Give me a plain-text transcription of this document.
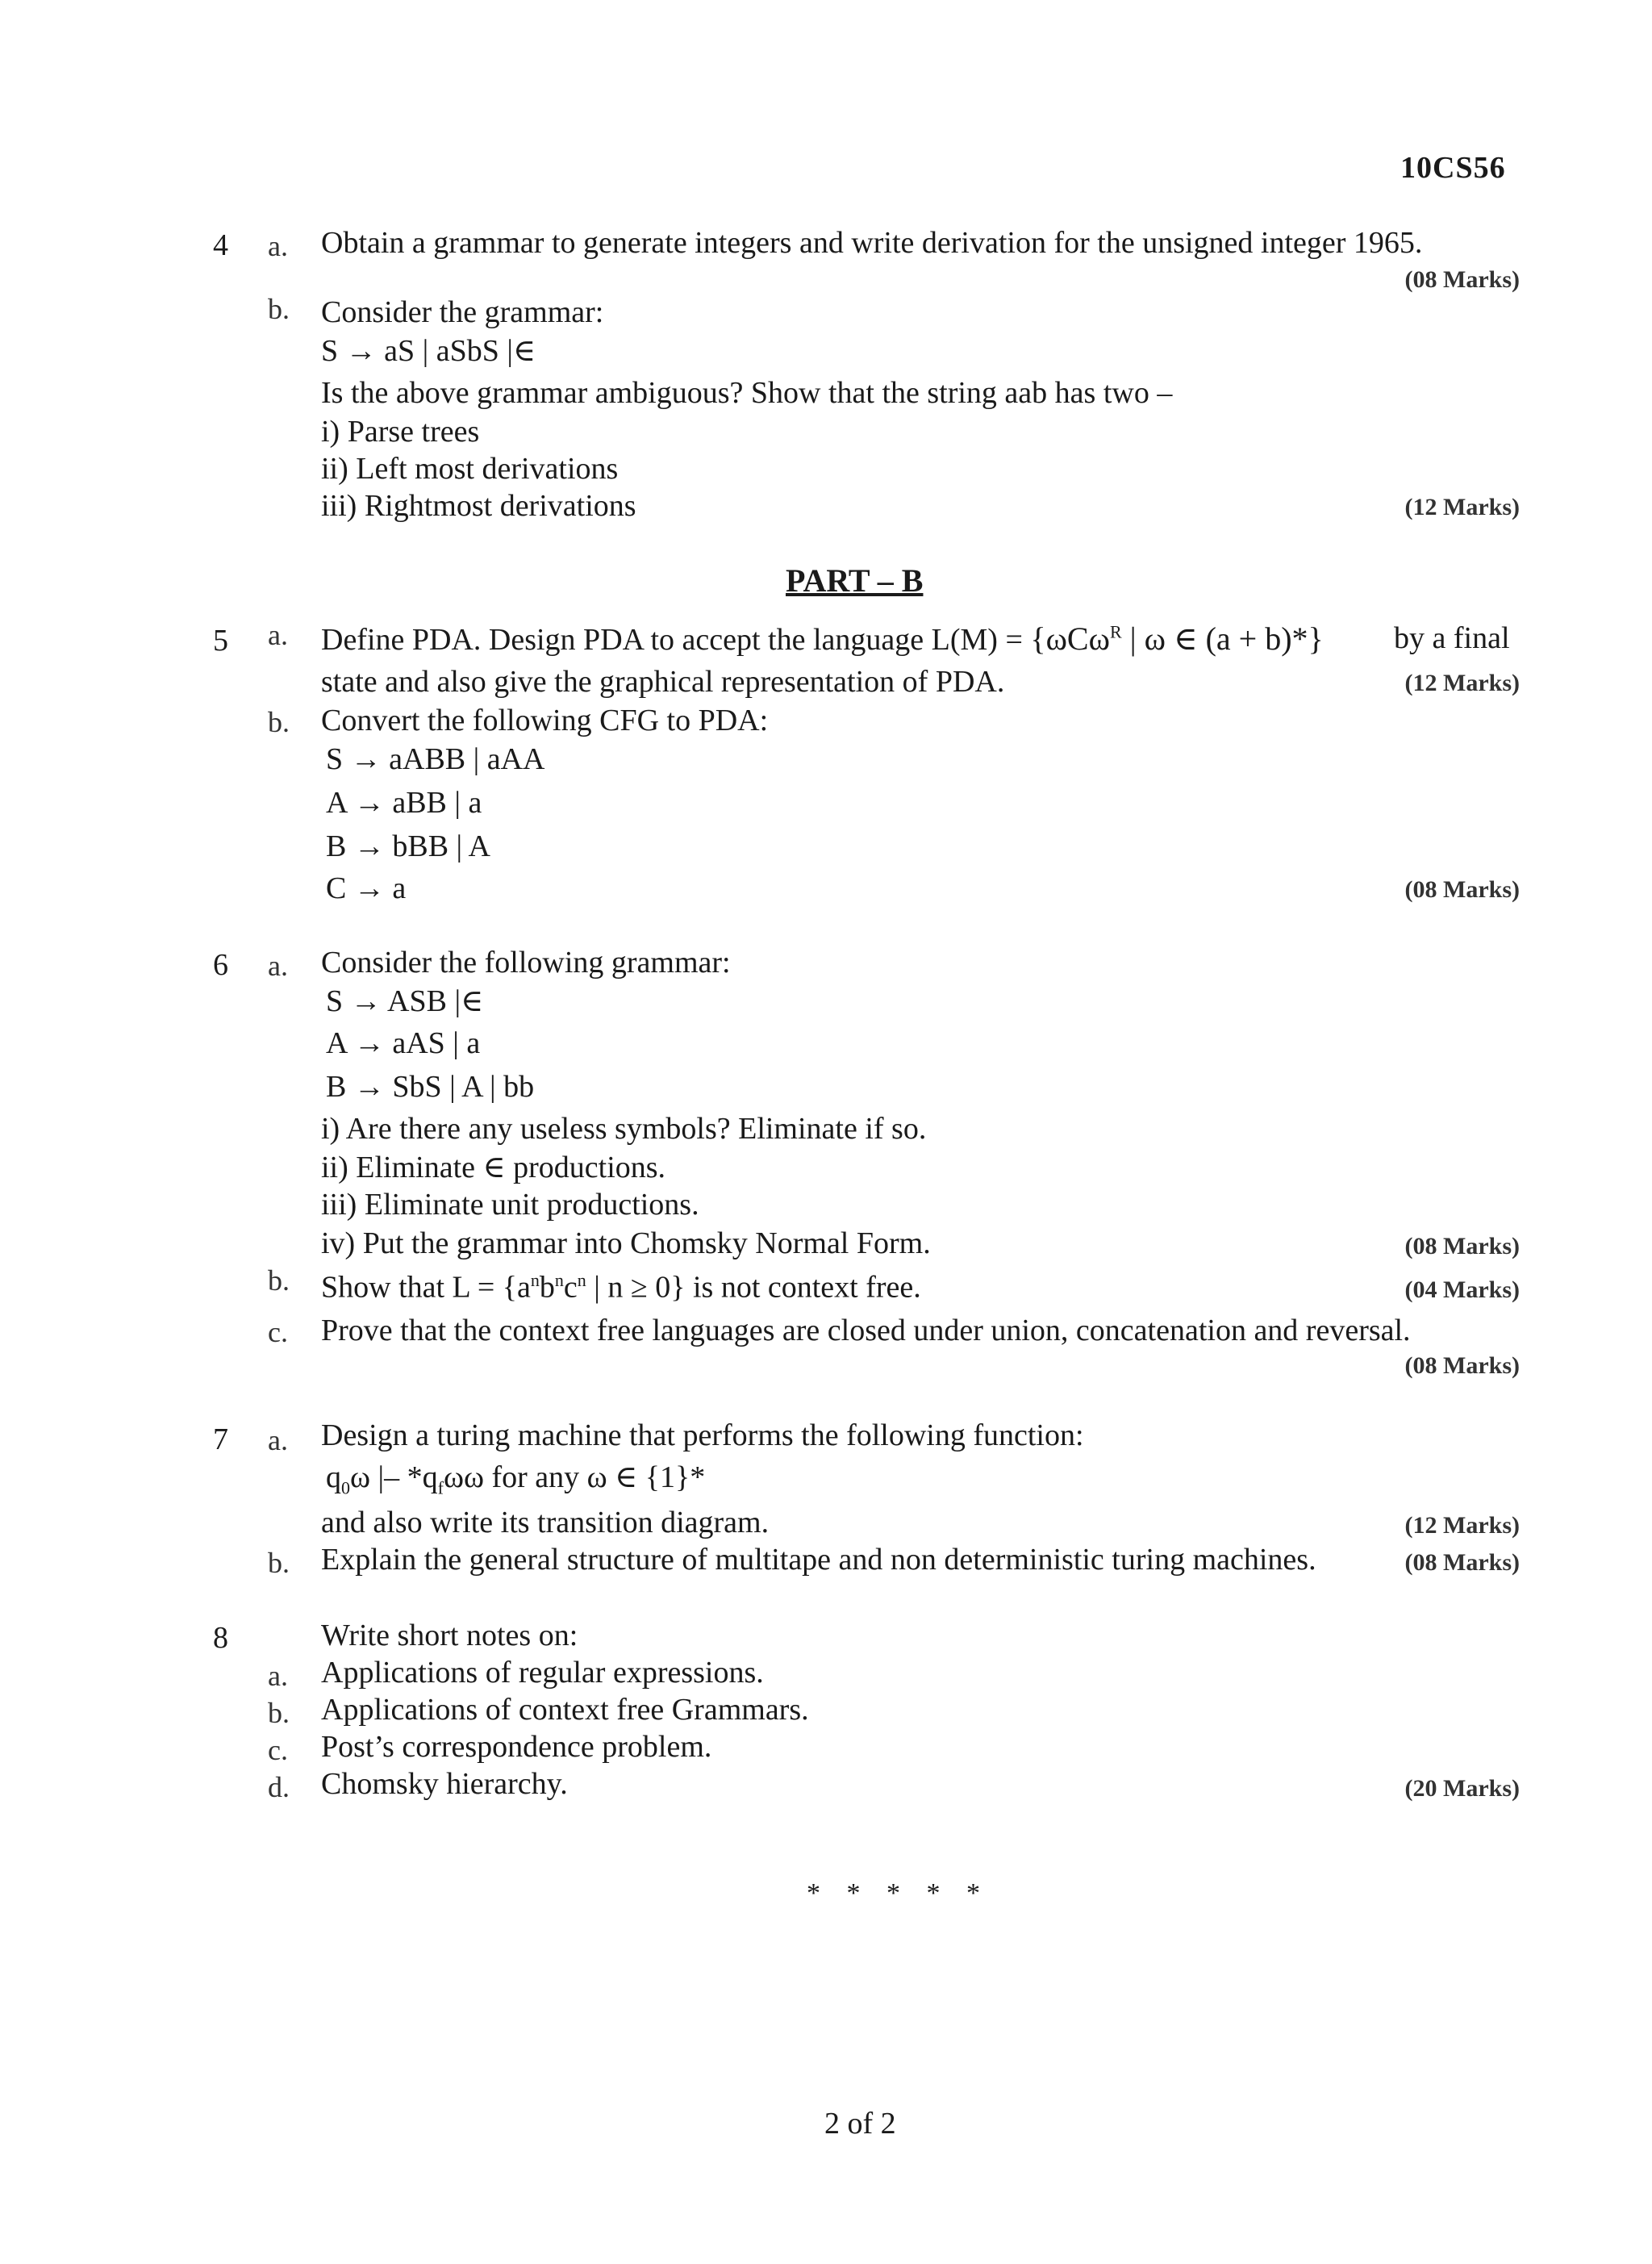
10CS56
4 a. Obtain a grammar to generate integers and write derivation for the unsigned integer 1965.
(08 Marks)
b. Consider the grammar:
S → aS | aSbS |∈
Is the above grammar ambiguous? Show that the string aab has two –
i) Parse trees
ii) Left most derivations
iii) Rightmost derivations	(12 Marks)
PART – B
5 a. Define PDA. Design PDA to accept the language L(M) = {ωCω$^R$ | ω ∈ (a + b)*} by a final
state and also give the graphical representation of PDA.	(12 Marks)
b. Convert the following CFG to PDA:
S → aABB | aAA
A → aBB | a
B → bBB | A
C → a	(08 Marks)
6 a. Consider the following grammar:
S → ASB |∈
A → aAS | a
B → SbS | A | bb
i) Are there any useless symbols? Eliminate if so.
ii) Eliminate ∈ productions.
iii) Eliminate unit productions.
iv) Put the grammar into Chomsky Normal Form.	(08 Marks)
b. Show that $L = \{a^nb^nc^n$ | n ≥ 0} is not context free.	(04 Marks)
c. Prove that the context free languages are closed under union, concatenation and reversal.
(08 Marks)
7 a. Design a turing machine that performs the following function:
$q_0\omega$ |– $*q_f\omega\omega$ for any ω ∈ {1}*
and also write its transition diagram.	(12 Marks)
b. Explain the general structure of multitape and non deterministic turing machines.	(08 Marks)
8	Write short notes on:
a. Applications of regular expressions.
b. Applications of context free Grammars.
c. Post’s correspondence problem.
d. Chomsky hierarchy.	(20 Marks)
* * * * *
2 of 2
